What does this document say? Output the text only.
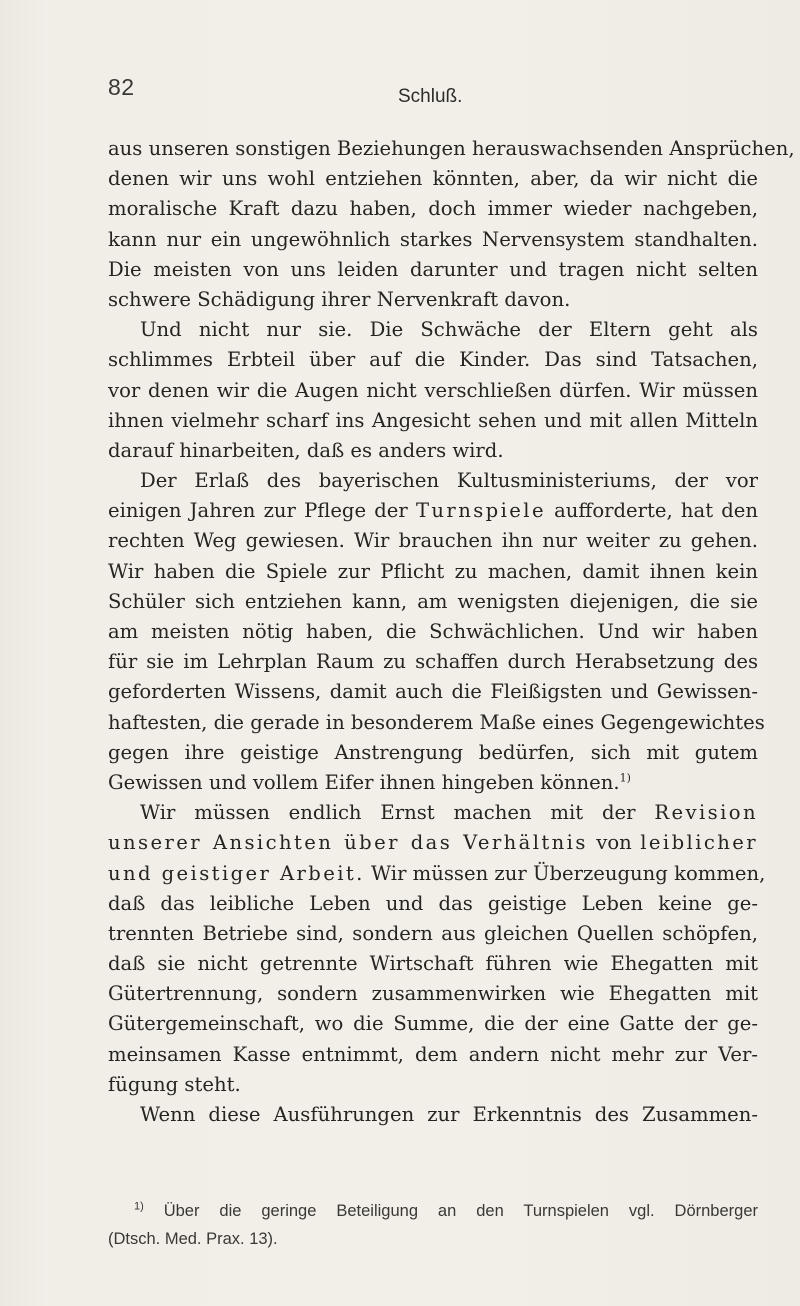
82	Schluß.
aus unseren sonstigen Beziehungen herauswachsenden Ansprüchen,
denen wir uns wohl entziehen könnten, aber, da wir nicht die
moralische Kraft dazu haben, doch immer wieder nachgeben,
kann nur ein ungewöhnlich starkes Nervensystem standhalten.
Die meisten von uns leiden darunter und tragen nicht selten
schwere Schädigung ihrer Nervenkraft davon.
Und nicht nur sie. Die Schwäche der Eltern geht als
schlimmes Erbteil über auf die Kinder. Das sind Tatsachen,
vor denen wir die Augen nicht verschließen dürfen. Wir müssen
ihnen vielmehr scharf ins Angesicht sehen und mit allen Mitteln
darauf hinarbeiten, daß es anders wird.
Der Erlaß des bayerischen Kultusministeriums, der vor
einigen Jahren zur Pflege der Turnspiele aufforderte, hat den
rechten Weg gewiesen. Wir brauchen ihn nur weiter zu gehen.
Wir haben die Spiele zur Pflicht zu machen, damit ihnen kein
Schüler sich entziehen kann, am wenigsten diejenigen, die sie
am meisten nötig haben, die Schwächlichen. Und wir haben
für sie im Lehrplan Raum zu schaffen durch Herabsetzung des
geforderten Wissens, damit auch die Fleißigsten und Gewissen-
haftesten, die gerade in besonderem Maße eines Gegengewichtes
gegen ihre geistige Anstrengung bedürfen, sich mit gutem
Gewissen und vollem Eifer ihnen hingeben können.$^{1)}$
Wir müssen endlich Ernst machen mit der Revision
unserer Ansichten über das Verhältnis von leiblicher
und geistiger Arbeit. Wir müssen zur Überzeugung kommen,
daß das leibliche Leben und das geistige Leben keine ge-
trennten Betriebe sind, sondern aus gleichen Quellen schöpfen,
daß sie nicht getrennte Wirtschaft führen wie Ehegatten mit
Gütertrennung, sondern zusammenwirken wie Ehegatten mit
Gütergemeinschaft, wo die Summe, die der eine Gatte der ge-
meinsamen Kasse entnimmt, dem andern nicht mehr zur Ver-
fügung steht.
Wenn diese Ausführungen zur Erkenntnis des Zusammen-
$^{1)}$ Über die geringe Beteiligung an den Turnspielen vgl. Dörnberger
(Dtsch. Med. Prax. 13).
